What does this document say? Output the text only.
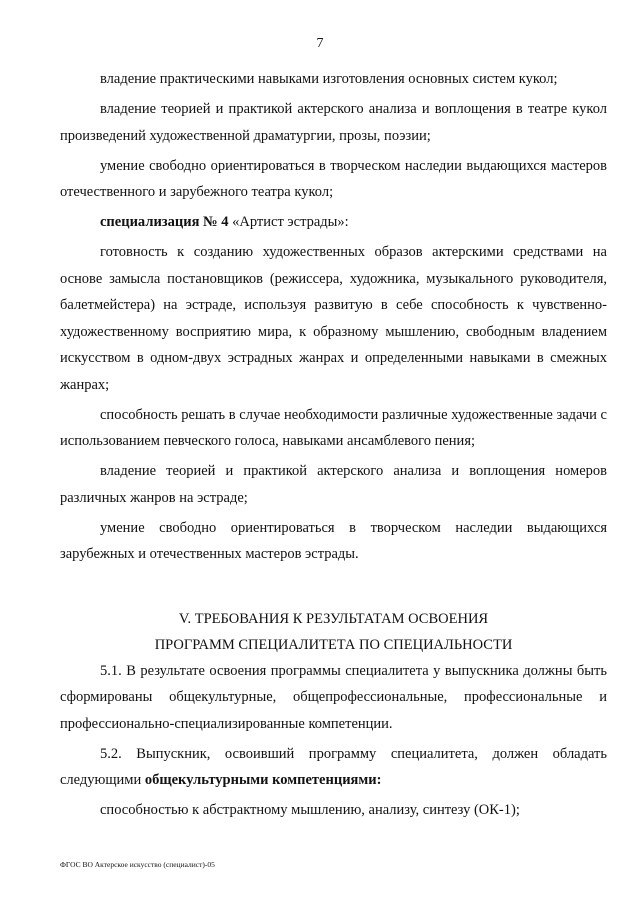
7

владение практическими навыками изготовления основных систем кукол;

владение теорией и практикой актерского анализа и воплощения в театре кукол произведений художественной драматургии, прозы, поэзии;

умение свободно ориентироваться в творческом наследии выдающихся мастеров отечественного и зарубежного театра кукол;

специализация № 4 «Артист эстрады»:

готовность к созданию художественных образов актерскими средствами на основе замысла постановщиков (режиссера, художника, музыкального руководителя, балетмейстера) на эстраде, используя развитую в себе способность к чувственно-художественному восприятию мира, к образному мышлению, свободным владением искусством в одном-двух эстрадных жанрах и определенными навыками в смежных жанрах;

способность решать в случае необходимости различные художественные задачи с использованием певческого голоса, навыками ансамблевого пения;

владение теорией и практикой актерского анализа и воплощения номеров различных жанров на эстраде;

умение свободно ориентироваться в творческом наследии выдающихся зарубежных и отечественных мастеров эстрады.

V. ТРЕБОВАНИЯ К РЕЗУЛЬТАТАМ ОСВОЕНИЯ

ПРОГРАММ СПЕЦИАЛИТЕТА ПО СПЕЦИАЛЬНОСТИ

5.1. В результате освоения программы специалитета у выпускника должны быть сформированы общекультурные, общепрофессиональные, профессиональные и профессионально-специализированные компетенции.

5.2. Выпускник, освоивший программу специалитета, должен обладать следующими общекультурными компетенциями:

способностью к абстрактному мышлению, анализу, синтезу (ОК-1);

ФГОС ВО Актерское искусство (специалист)-05
